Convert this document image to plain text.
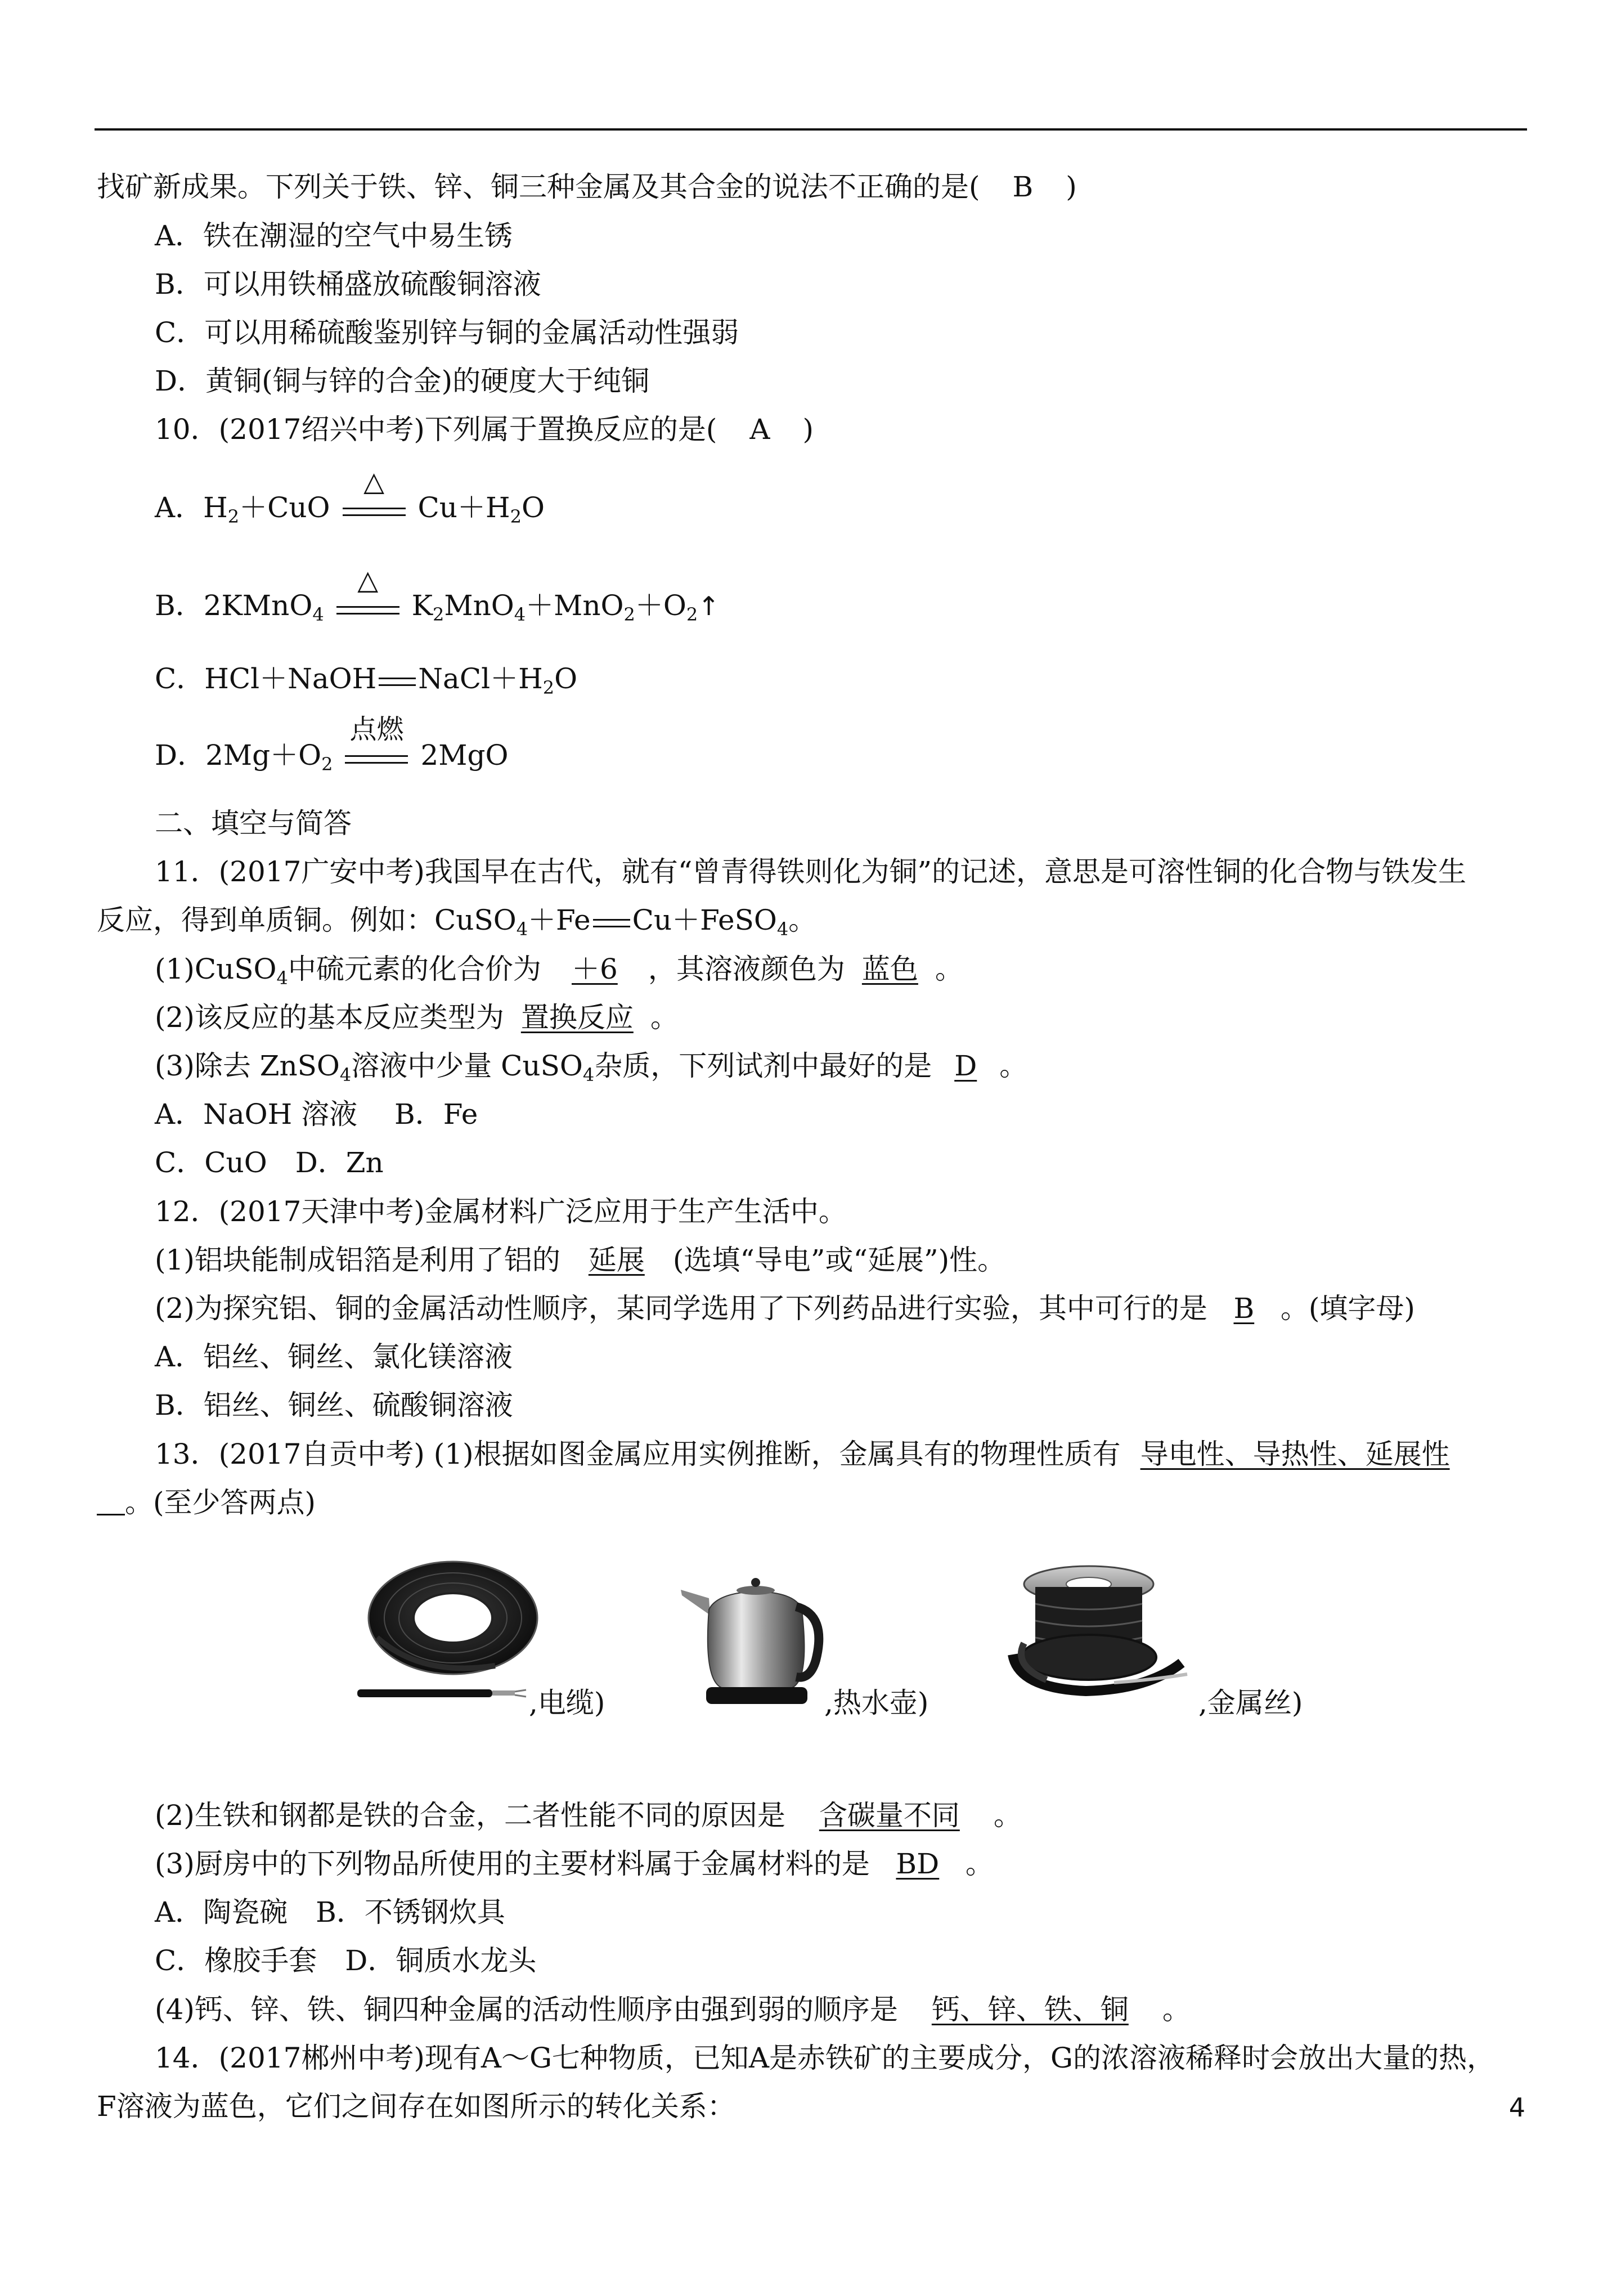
找矿新成果。下列关于铁、锌、铜三种金属及其合金的说法不正确的是( B )
A．铁在潮湿的空气中易生锈
B．可以用铁桶盛放硫酸铜溶液
C．可以用稀硫酸鉴别锌与铜的金属活动性强弱
D．黄铜(铜与锌的合金)的硬度大于纯铜
10．(2017绍兴中考)下列属于置换反应的是( A )
A．$H_2+CuO$
△
$Cu+H_2O$
B．2KMnO$_4$
△
$K_2MnO_4+MnO_2+O_2↑$
C．HCl＋NaOH $NaCl+H_2O$
D．$2Mg+O_2$
点燃
2MgO
二、填空与简答
11．(2017广安中考)我国早在古代，就有“曾青得铁则化为铜”的记述，意思是可溶性铜的化合物与铁发生
反应，得到单质铜。例如：CuSO$_4$＋Fe Cu＋FeSO$_4$。
(1)CuSO$_4$中硫元素的化合价为 ＋6 ，其溶液颜色为 蓝色 。
(2)该反应的基本反应类型为 置换反应 。
(3)除去 ZnSO$_4$溶液中少量 CuSO$_4$杂质，下列试剂中最好的是 D 。
A．NaOH 溶液　 B．Fe
C．CuO　D．Zn
12．(2017天津中考)金属材料广泛应用于生产生活中。
(1)铝块能制成铝箔是利用了铝的 延展 (选填“导电”或“延展”)性。
(2)为探究铝、铜的金属活动性顺序，某同学选用了下列药品进行实验，其中可行的是 B 。(填字母)
A．铝丝、铜丝、氯化镁溶液
B．铝丝、铜丝、硫酸铜溶液
13．(2017自贡中考) (1)根据如图金属应用实例推断，金属具有的物理性质有 导电性、导热性、延展性
。(至少答两点)
,电缆)	,热水壶)	,金属丝)
(2)生铁和钢都是铁的合金，二者性能不同的原因是 含碳量不同 。
(3)厨房中的下列物品所使用的主要材料属于金属材料的是 BD 。
A．陶瓷碗　B．不锈钢炊具
C．橡胶手套　D．铜质水龙头
(4)钙、锌、铁、铜四种金属的活动性顺序由强到弱的顺序是 钙、锌、铁、铜 。
14．(2017郴州中考)现有A～G七种物质，已知A是赤铁矿的主要成分，G的浓溶液稀释时会放出大量的热，
F溶液为蓝色，它们之间存在如图所示的转化关系：	4
